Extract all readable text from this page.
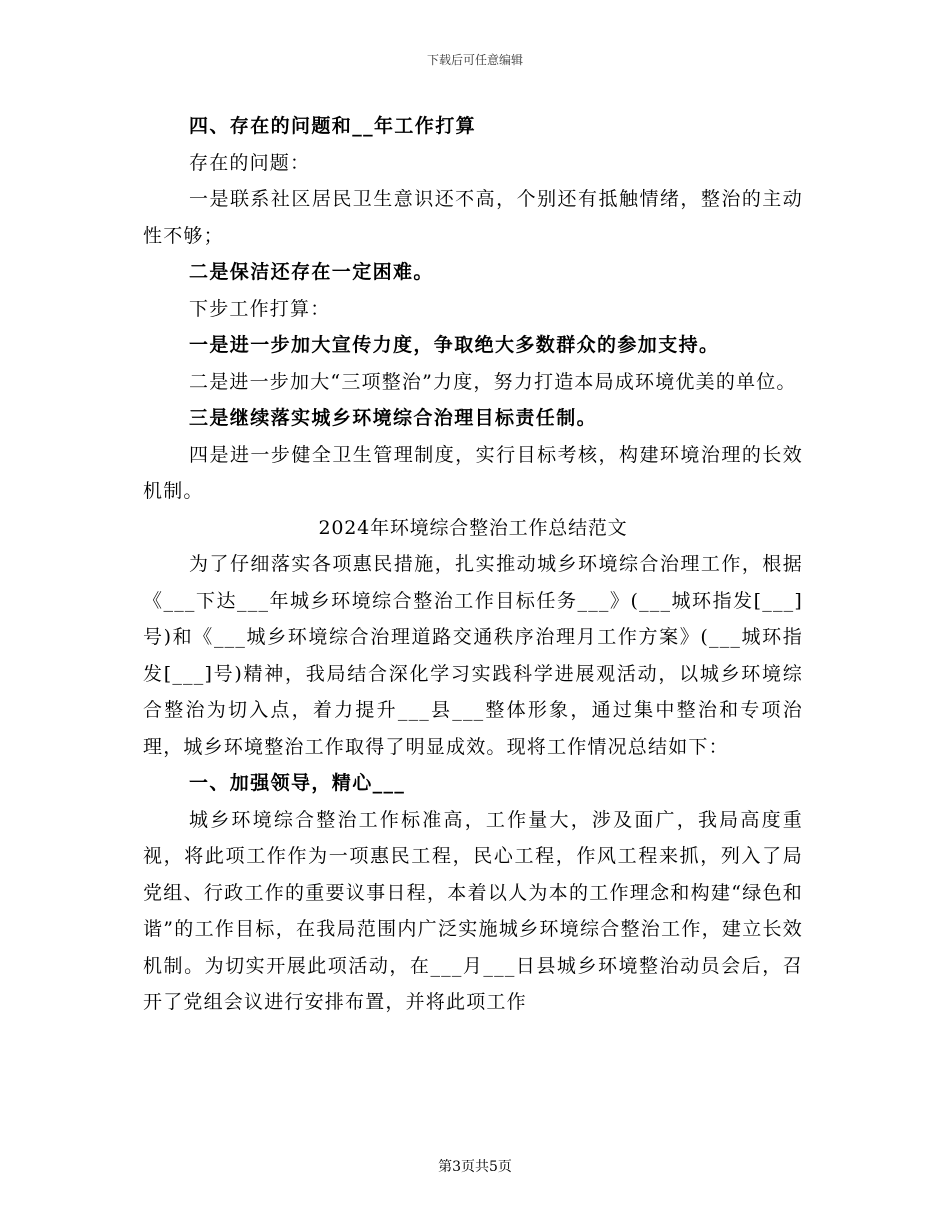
下载后可任意编辑

四、存在的问题和__年工作打算

存在的问题：

一是联系社区居民卫生意识还不高，个别还有抵触情绪，整治的主动性不够；

二是保洁还存在一定困难。

下步工作打算：

一是进一步加大宣传力度，争取绝大多数群众的参加支持。

二是进一步加大“三项整治”力度，努力打造本局成环境优美的单位。

三是继续落实城乡环境综合治理目标责任制。

四是进一步健全卫生管理制度，实行目标考核，构建环境治理的长效机制。

2024年环境综合整治工作总结范文

为了仔细落实各项惠民措施，扎实推动城乡环境综合治理工作，根据《___下达___年城乡环境综合整治工作目标任务___》(___城环指发[___]号)和《___城乡环境综合治理道路交通秩序治理月工作方案》(___城环指发[___]号)精神，我局结合深化学习实践科学进展观活动，以城乡环境综合整治为切入点，着力提升___县___整体形象，通过集中整治和专项治理，城乡环境整治工作取得了明显成效。现将工作情况总结如下：

一、加强领导，精心___

城乡环境综合整治工作标准高，工作量大，涉及面广，我局高度重视，将此项工作作为一项惠民工程，民心工程，作风工程来抓，列入了局党组、行政工作的重要议事日程，本着以人为本的工作理念和构建“绿色和谐”的工作目标，在我局范围内广泛实施城乡环境综合整治工作，建立长效机制。为切实开展此项活动，在___月___日县城乡环境整治动员会后，召开了党组会议进行安排布置，并将此项工作

第3页共5页
